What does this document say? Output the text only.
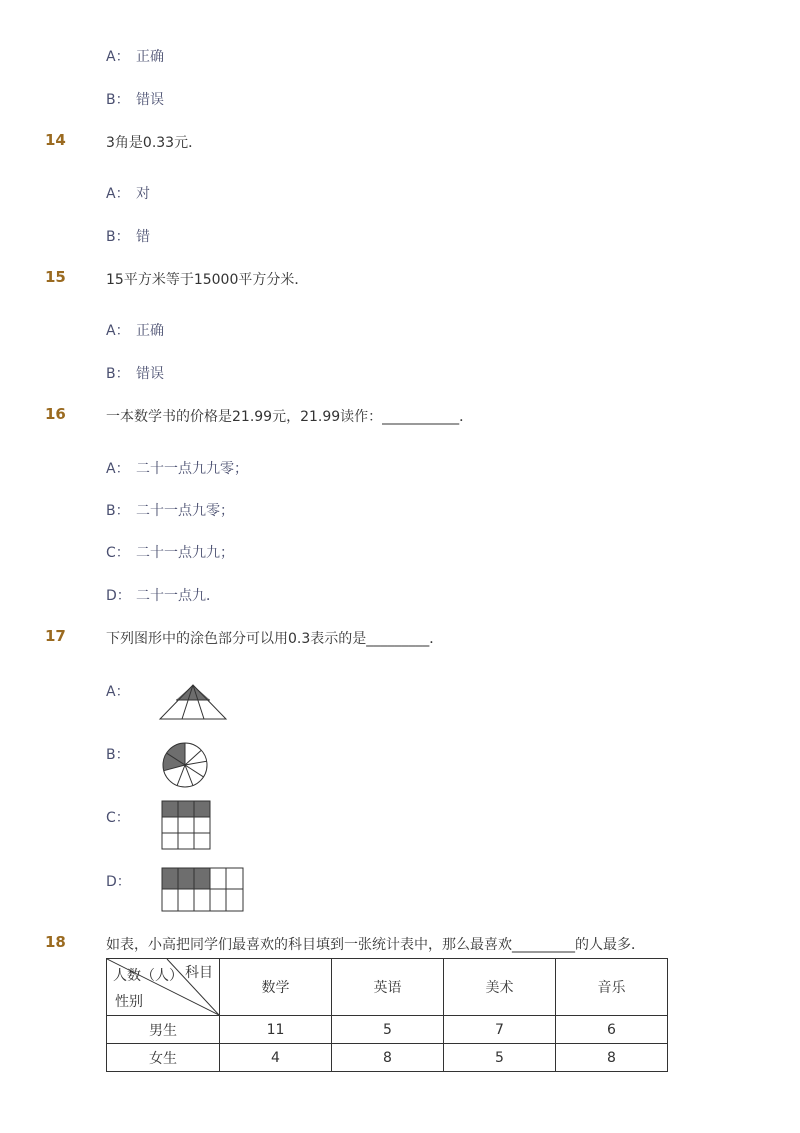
A： 正确
B： 错误
14	3角是0.33元．
A： 对
B： 错
15	15平方米等于15000平方分米．
A： 正确
B： 错误
16	一本数学书的价格是21.99元，21.99读作：___________．
A： 二十一点九九零；
B： 二十一点九零；
C： 二十一点九九；
D： 二十一点九．
17	下列图形中的涂色部分可以用0.3表示的是_________．
A：
B：
C：
D：
18	如表，小高把同学们最喜欢的科目填到一张统计表中，那么最喜欢_________的人最多．
科目
人数（人）
性别	数学	英语	美术	音乐
男生	11	5	7	6
女生	4	8	5	8
